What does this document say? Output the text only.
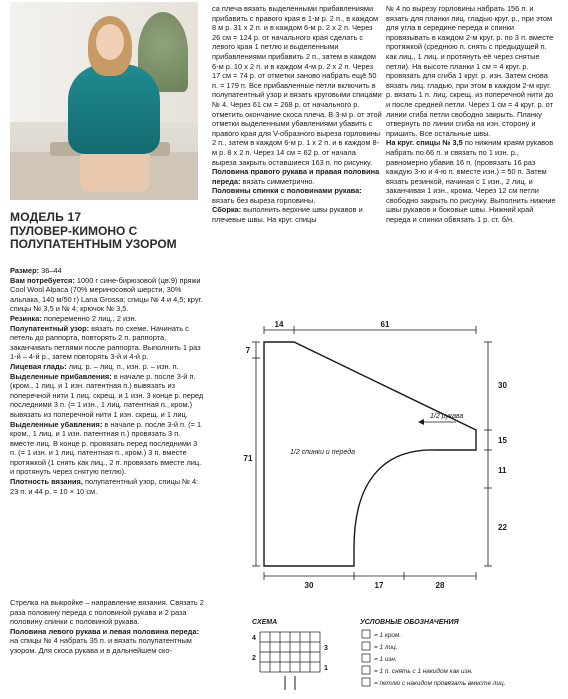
МОДЕЛЬ 17
ПУЛОВЕР-КИМОНО С ПОЛУПАТЕНТНЫМ УЗОРОМ

Размер: 36–44

Вам потребуется: 1000 г сине-бирюзовой (цв.9) пряжи Cool Wool Alpaca (70% мериносовой шерсти, 30% альпака, 140 м/50 г) Lana Grossa; спицы № 4 и 4,5; круг. спицы № 3,5 и № 4; крючок № 3,5.

Резинка: попеременно 2 лиц., 2 изн.

Полупатентный узор: вязать по схеме. Начинать с петель до раппорта, повторять 2 п. раппорта, заканчивать петлями после раппорта. Выполнить 1 раз 1-й – 4-й р., затем повторять 3-й и 4-й р.

Лицевая гладь: лиц. р. – лиц. п., изн. р. – изн. п.

Выделенные прибавления: в начале р. после 3-й п. (кром., 1 лиц. и 1 изн. патентная п.) вывязать из поперечной нити 1 лиц. скрещ. и 1 изн. 3 конце р. перед последними 3 п. (= 1 изн., 1 лиц. патентная п., кром.) вывязать из поперечной нити 1 изн. скрещ. и 1 лиц.

Выделенные убавления: в начале р. после 3-й п. (= 1 кром., 1 лиц. и 1 изн. патентная п.) провязать 3 п. вместе лиц. В конце р. провязать перед последними 3 п. (= 1 изн. и 1 лиц. патентная п., кром.) 3 п. вместе протяжкой (1 снять как лиц., 2 п. провязать вместе лиц. и протянуть через снятую петлю).

Плотность вязания, полупатентный узор, спицы № 4: 23 п. и 44 р. = 10 × 10 см.

Стрелка на выкройке – направление вязания. Связать 2 раза половину переда с половиной рукава и 2 раза половину спинки с половиной рукава.

Половина левого рукава и левая половина переда: на спицы № 4 набрать 35 п. и вязать полупатентным узором. Для скоса рукава и в дальнейшем ско-

са плеча вязать выделенными прибавлениями прибавить с правого края в 1-м р. 2 п., в каждом 8 м р. 31 х 2 п. и в каждом 6-м р. 2 х 2 п. Через 26 см = 124 р. от начального края сделать с левого края 1 петлю и выделенными прибавлениями прибавить 2 п., затем в каждом 6-м р. 10 х 2 п. и в каждом 4-м р. 2 х 2 п. Через 17 см = 74 р. от отметки заново набрать ещё 50 п. = 179 п. Все прибавленные петли включить в полупатентный узор и вязать круговыми спицами № 4. Через 61 см = 268 р. от начального р. отметить окончание скоса плеча. В 3-м р. от этой отметки выделенными убавлениями убавить с правого края для V-образного выреза горловины 2 п., затем в каждом 6-м р. 1 х 2 п. и в каждом 8-м р. 8 х 2 п. Через 14 см = 62 р. от начала выреза закрыть оставшиеся 163 п. по рисунку.

Половина правого рукава и правая половина переда: вязать симметрично.

Половины спинки с половинами рукава: вязать без выреза горловины.

Сборка: выполнить верхние швы рукавов и плечевые швы. На круг. спицы

№ 4 по вырезу горловины набрать 156 п. и вязать для планки лиц. гладью круг. р., при этом для угла в середине переда и спинки провязывать в каждом 2-м круг. р. по 3 п. вместе протяжкой (среднюю п. снять с предыдущей п. как лиц., 1 лиц. и протянуть её через снятые петли). На высоте планки 1 см = 4 круг. р. провязать для сгиба 1 круг. р. изн. Затем снова вязать лиц. гладью, при этом в каждом 2-м круг. р. вязать 1 п. лиц. скрещ. из поперечной нити до и после средней петли. Через 1 см = 4 круг. р. от линии сгиба петли свободно закрыть. Планку отвернуть по линии сгиба на изн. сторону и пришить. Все остальные швы.

На круг. спицы № 3,5 по нижним краям рукавов набрать по 66 п. и связать по 1 изн. р., равномерно убавив 16 п. (провязать 16 раз каждую 3-ю и 4-ю п. вместе изн.) = 50 п. Затем вязать резинкой, начиная с 1 изн., 2 лиц. и заканчивая 1 изн., крома. Через 12 см петли свободно закрыть по рисунку. Выполнить нижние швы рукавов и боковые швы. Нижний край переда и спинки обвязать 1 р. ст. б/н.

14	61
7
71
30
15
11
22
30	17	28
1/2 рукава
1/2 спинки и переда
СХЕМА	УСЛОВНЫЕ ОБОЗНАЧЕНИЯ
4
3
2
1
= 1 кром.
= 1 лиц.
= 1 изн.
= 1 п. снять с 1 накидом как изн.
= петлю с накидом провязать вместе лиц.
